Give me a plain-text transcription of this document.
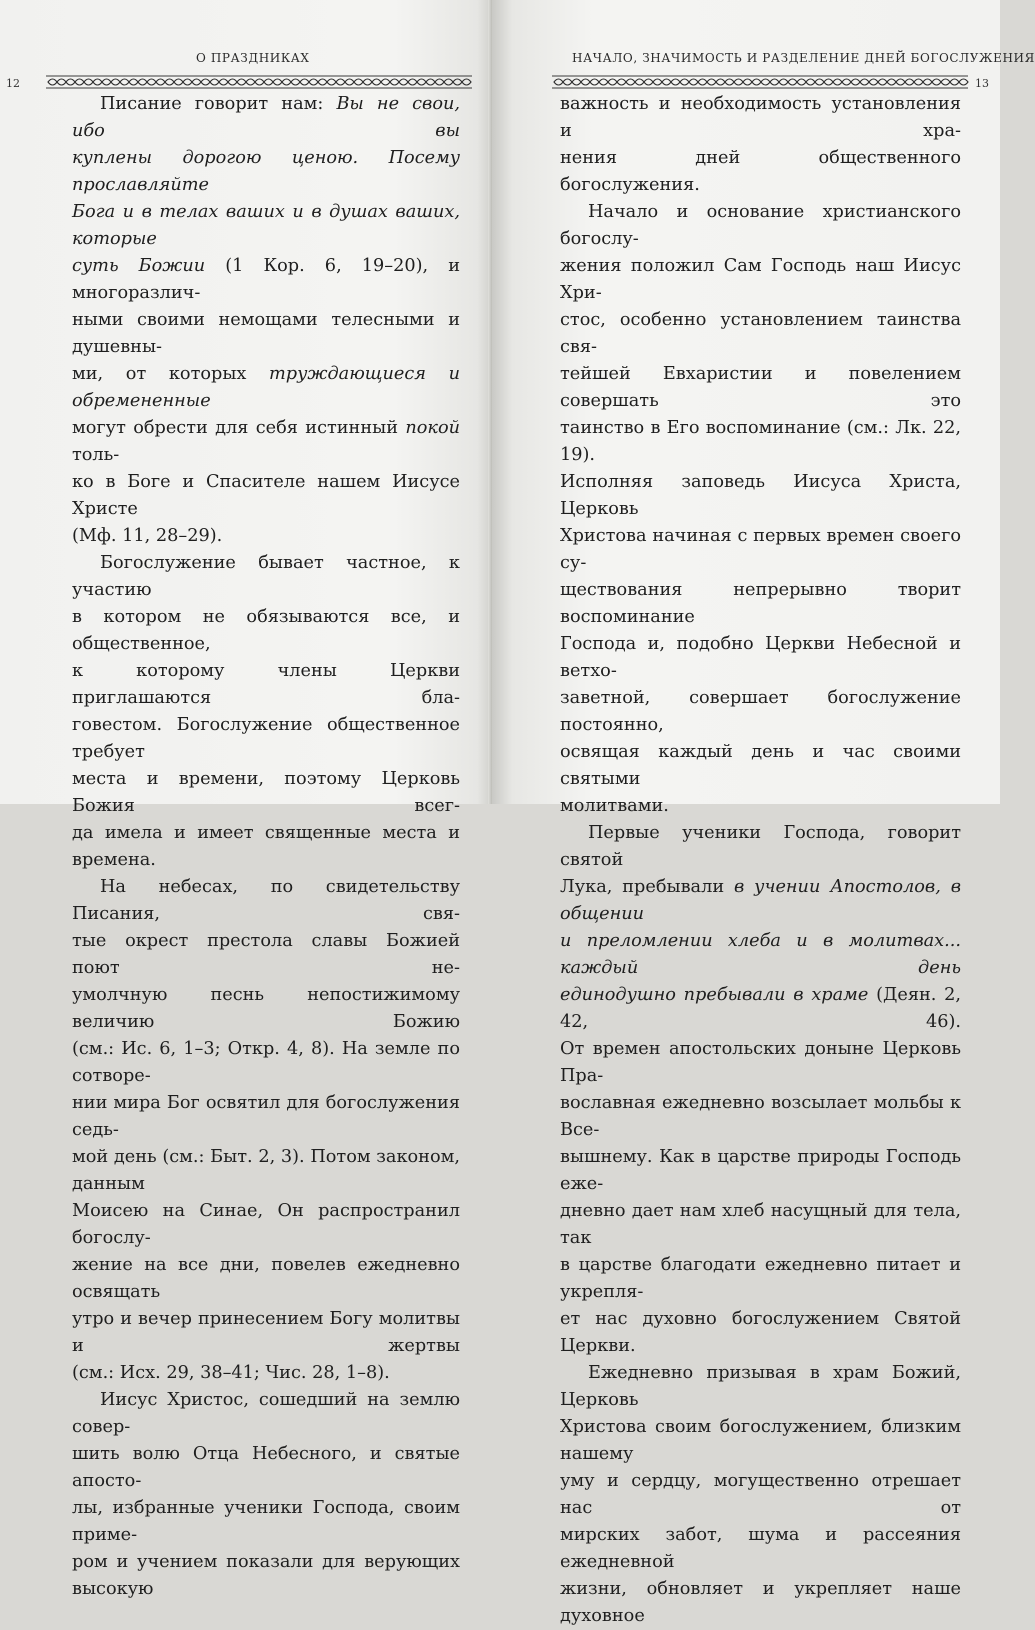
О ПРАЗДНИКАХ
12
Писание говорит нам: Вы не свои, ибо вы
куплены дорогою ценою. Посему прославляйте
Бога и в телах ваших и в душах ваших, которые
суть Божии (1 Кор. 6, 19–20), и многоразлич-
ными своими немощами телесными и душевны-
ми, от которых труждающиеся и обремененные
могут обрести для себя истинный покой толь-
ко в Боге и Спасителе нашем Иисусе Христе
(Мф. 11, 28–29).
Богослужение бывает частное, к участию
в котором не обязываются все, и общественное,
к которому члены Церкви приглашаются бла-
говестом. Богослужение общественное требует
места и времени, поэтому Церковь Божия всег-
да имела и имеет священные места и времена.
На небесах, по свидетельству Писания, свя-
тые окрест престола славы Божией поют не-
умолчную песнь непостижимому величию Божию
(см.: Ис. 6, 1–3; Откр. 4, 8). На земле по сотворе-
нии мира Бог освятил для богослужения седь-
мой день (см.: Быт. 2, 3). Потом законом, данным
Моисею на Синае, Он распространил богослу-
жение на все дни, повелев ежедневно освящать
утро и вечер принесением Богу молитвы и жертвы
(см.: Исх. 29, 38–41; Чис. 28, 1–8).
Иисус Христос, сошедший на землю совер-
шить волю Отца Небесного, и святые апосто-
лы, избранные ученики Господа, своим приме-
ром и учением показали для верующих высокую
НАЧАЛО, ЗНАЧИМОСТЬ И РАЗДЕЛЕНИЕ ДНЕЙ БОГОСЛУЖЕНИЯ
13
важность и необходимость установления и хра-
нения дней общественного богослужения.
Начало и основание христианского богослу-
жения положил Сам Господь наш Иисус Хри-
стос, особенно установлением таинства свя-
тейшей Евхаристии и повелением совершать это
таинство в Его воспоминание (см.: Лк. 22, 19).
Исполняя заповедь Иисуса Христа, Церковь
Христова начиная с первых времен своего су-
ществования непрерывно творит воспоминание
Господа и, подобно Церкви Небесной и ветхо-
заветной, совершает богослужение постоянно,
освящая каждый день и час своими святыми
молитвами.
Первые ученики Господа, говорит святой
Лука, пребывали в учении Апостолов, в общении
и преломлении хлеба и в молитвах... каждый день
единодушно пребывали в храме (Деян. 2, 42, 46).
От времен апостольских доныне Церковь Пра-
вославная ежедневно возсылает мольбы к Все-
вышнему. Как в царстве природы Господь еже-
дневно дает нам хлеб насущный для тела, так
в царстве благодати ежедневно питает и укрепля-
ет нас духовно богослужением Святой Церкви.
Ежедневно призывая в храм Божий, Церковь
Христова своим богослужением, близким нашему
уму и сердцу, могущественно отрешает нас от
мирских забот, шума и рассеяния ежедневной
жизни, обновляет и укрепляет наше духовное
